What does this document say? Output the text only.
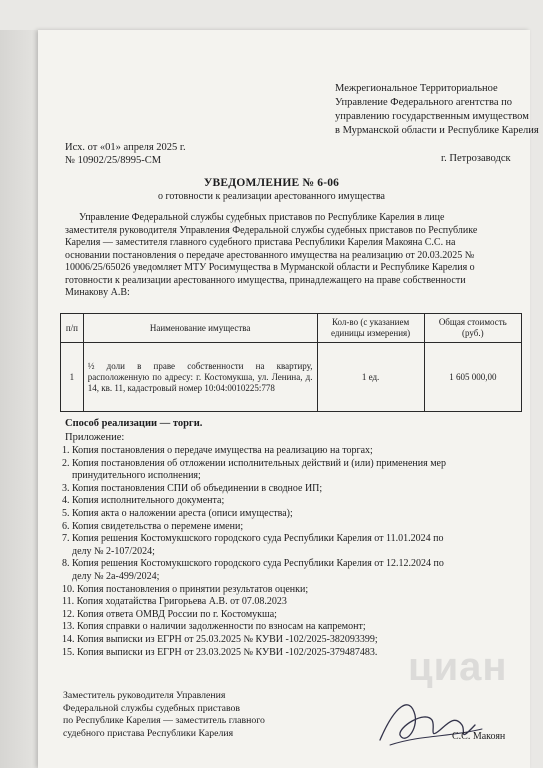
Межрегиональное Территориальное
Управление Федерального агентства по
управлению государственным имуществом
в Мурманской области и Республике Карелия
Исх. от «01» апреля 2025 г.
№ 10902/25/8995-СМ	г. Петрозаводск
УВЕДОМЛЕНИЕ № 6-06
о готовности к реализации арестованного имущества
Управление Федеральной службы судебных приставов по Республике Карелия в лице
заместителя руководителя Управления Федеральной службы судебных приставов по Республике
Карелия — заместителя главного судебного пристава Республики Карелия Макояна С.С. на
основании постановления о передаче арестованного имущества на реализацию от 20.03.2025 №
10006/25/65026 уведомляет МТУ Росимущества в Мурманской области и Республике Карелия о
готовности к реализации арестованного имущества, принадлежащего на праве собственности
Минаковy А.В:
п/п	Наименование имущества	Кол-во (с указанием единицы измерения)	Общая стоимость (руб.)
1	½ доли в праве собственности на квартиру, расположенную по адресу: г. Костомукша, ул. Ленина, д. 14, кв. 11, кадастровый номер 10:04:0010225:778	1 ед.	1 605 000,00
Способ реализации — торги.
Приложение:
1. Копия постановления о передаче имущества на реализацию на торгах;
2. Копия постановления об отложении исполнительных действий и (или) применения мер
принудительного исполнения;
3. Копия постановления СПИ об объединении в сводное ИП;
4. Копия исполнительного документа;
5. Копия акта о наложении ареста (описи имущества);
6. Копия свидетельства о перемене имени;
7. Копия решения Костомукшского городского суда Республики Карелия от 11.01.2024 по
делу № 2-107/2024;
8. Копия решения Костомукшского городского суда Республики Карелия от 12.12.2024 по
делу № 2а-499/2024;
10. Копия постановления о принятии результатов оценки;
11. Копия ходатайства Григорьева А.В. от 07.08.2023
12. Копия ответа ОМВД России по г. Костомукша;
13. Копия справки о наличии задолженности по взносам на капремонт;
14. Копия выписки из ЕГРН от 25.03.2025 № КУВИ -102/2025-382093399;
15. Копия выписки из ЕГРН от 23.03.2025 № КУВИ -102/2025-379487483. циан
Заместитель руководителя Управления
Федеральной службы судебных приставов
по Республике Карелия — заместитель главного
судебного пристава Республики Карелия	С.С. Макоян
